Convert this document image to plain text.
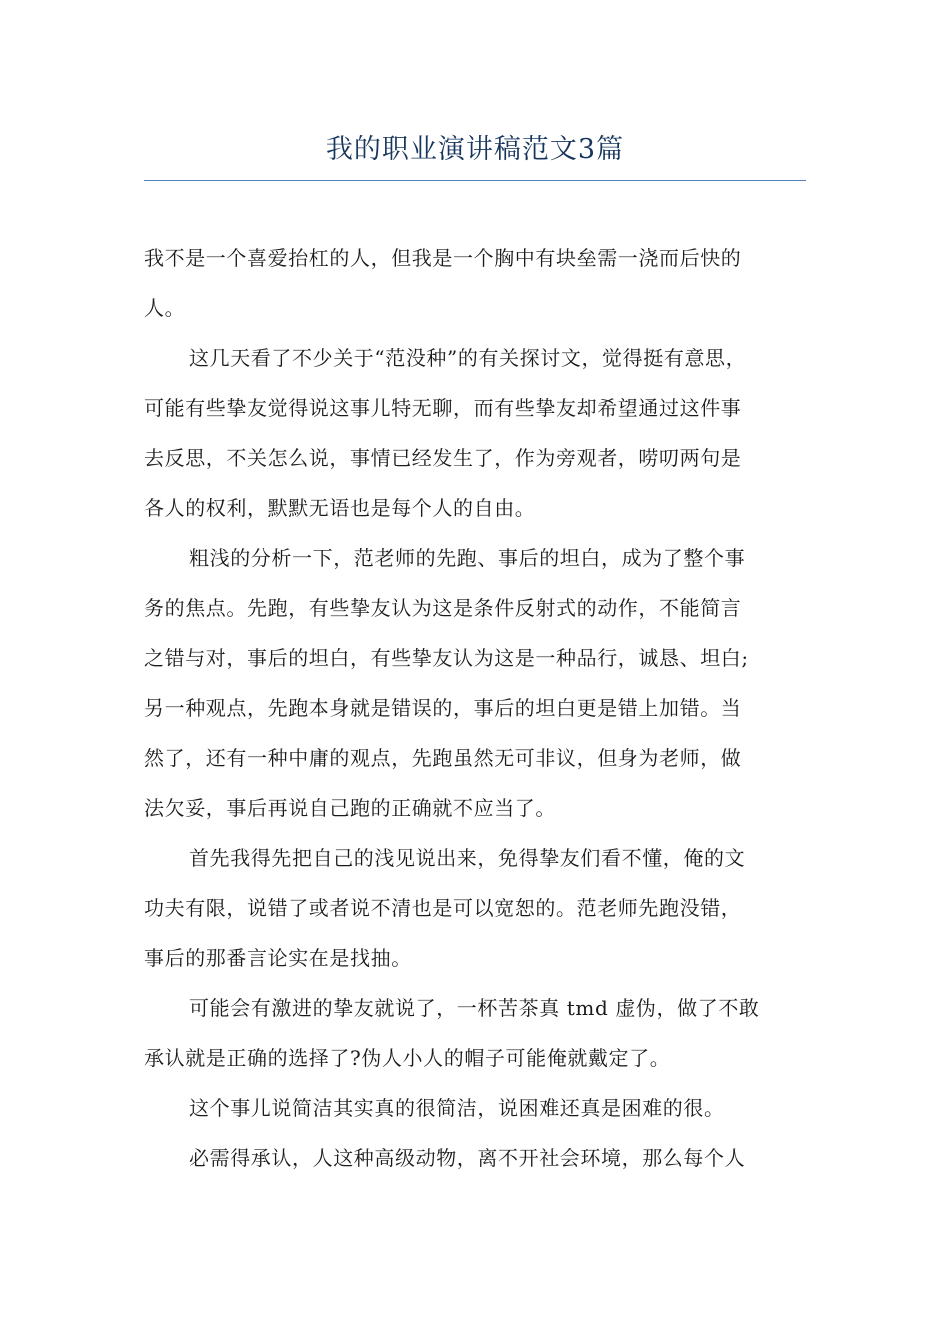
我的职业演讲稿范文3篇

我不是一个喜爱抬杠的人，但我是一个胸中有块垒需一浇而后快的
人。

这几天看了不少关于“范没种”的有关探讨文，觉得挺有意思，
可能有些挚友觉得说这事儿特无聊，而有些挚友却希望通过这件事
去反思，不关怎么说，事情已经发生了，作为旁观者，唠叨两句是
各人的权利，默默无语也是每个人的自由。

粗浅的分析一下，范老师的先跑、事后的坦白，成为了整个事
务的焦点。先跑，有些挚友认为这是条件反射式的动作，不能简言
之错与对，事后的坦白，有些挚友认为这是一种品行，诚恳、坦白;
另一种观点，先跑本身就是错误的，事后的坦白更是错上加错。当
然了，还有一种中庸的观点，先跑虽然无可非议，但身为老师，做
法欠妥，事后再说自己跑的正确就不应当了。

首先我得先把自己的浅见说出来，免得挚友们看不懂，俺的文
功夫有限，说错了或者说不清也是可以宽恕的。范老师先跑没错，
事后的那番言论实在是找抽。

可能会有激进的挚友就说了，一杯苦茶真 tmd 虚伪，做了不敢
承认就是正确的选择了?伪人小人的帽子可能俺就戴定了。

这个事儿说简洁其实真的很简洁，说困难还真是困难的很。

必需得承认，人这种高级动物，离不开社会环境，那么每个人
